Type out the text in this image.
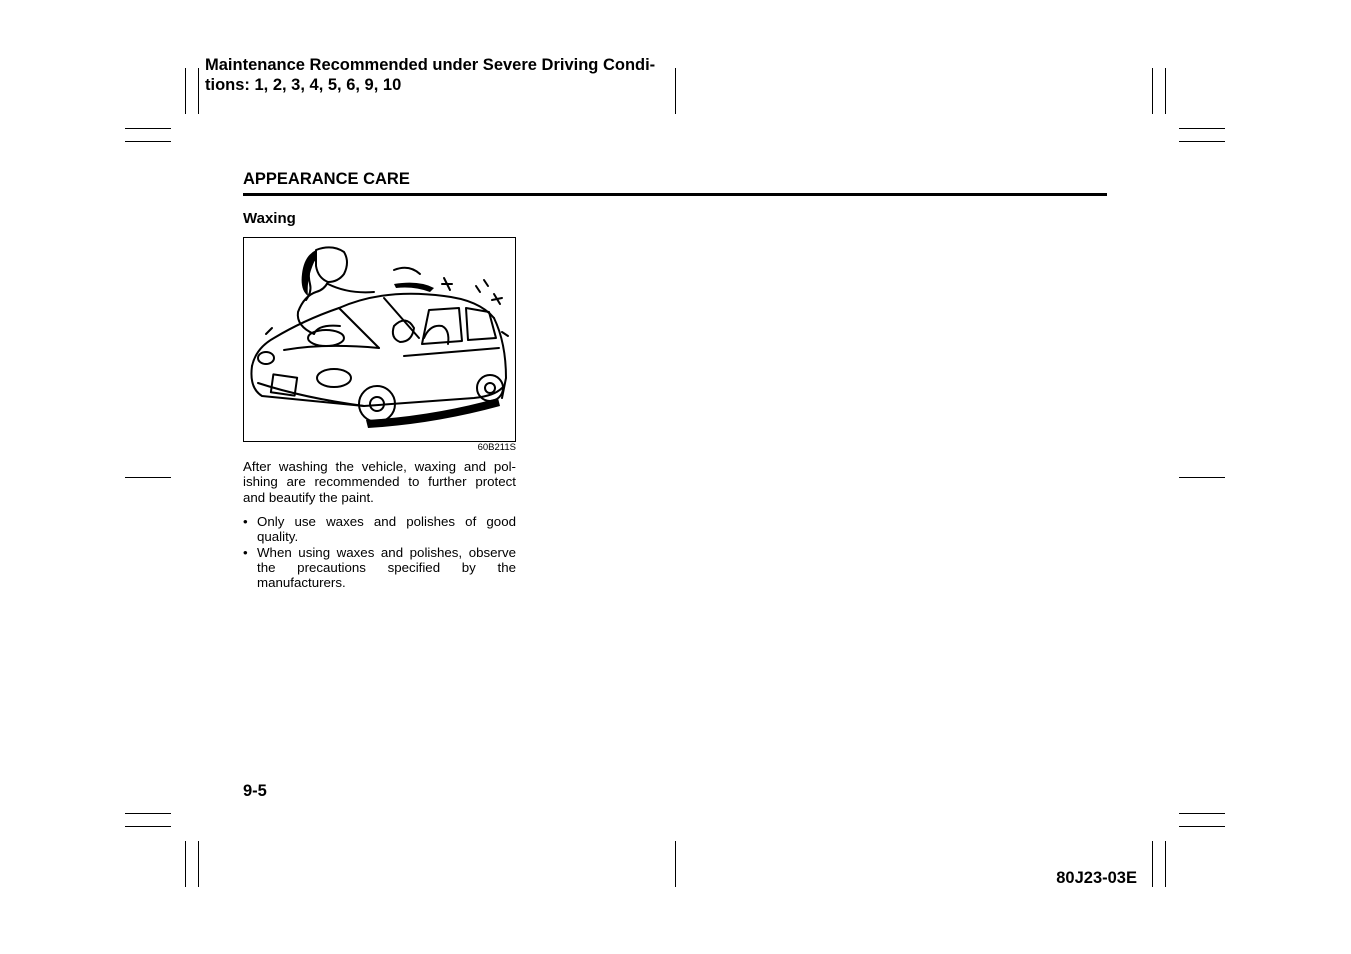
Maintenance Recommended under Severe Driving Condi- tions: 1, 2, 3, 4, 5, 6, 9, 10
APPEARANCE CARE
Waxing
60B211S
After washing the vehicle, waxing and pol- ishing are recommended to further protect and beautify the paint.
• Only use waxes and polishes of good quality.
• When using waxes and polishes, observe the precautions specified by the manufacturers.
9-5
80J23-03E
